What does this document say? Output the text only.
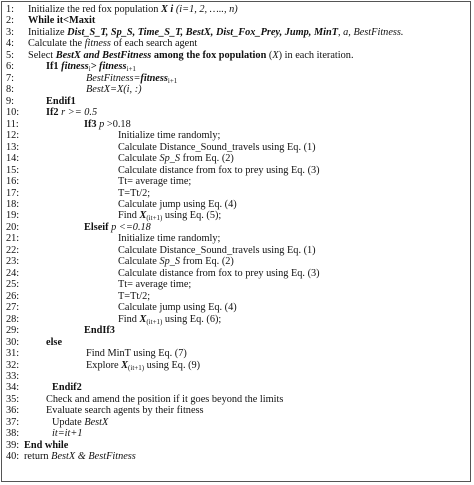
1: Initialize the red fox population X i (i=1, 2, ….., n)
2: While it<Maxit
3: Initialize Dist_S_T, Sp_S, Time_S_T, BestX, Dist_Fox_Prey, Jump, MinT, a, BestFitness.
4: Calculate the fitness of each search agent
5: Select BestX and BestFitness among the fox population (X) in each iteration.
6:	If1 fitness$_i$> fitness$_{i+1}$
7:	BestFitness=fitness$_{i+1}$
8:	BestX=X(i, :)
9:	Endif1
10:	If2 r >= 0.5
11:	If3 p >0.18
12:	Initialize time randomly;
13:	Calculate Distance_Sound_travels using Eq. (1)
14:	Calculate Sp_S from Eq. (2)
15:	Calculate distance from fox to prey using Eq. (3)
16:	Tt= average time;
17:	T=Tt/2;
18:	Calculate jump using Eq. (4)
19:	Find $X_{(it+1)}$ using Eq. (5);
20:	Elseif p <=0.18
21:	Initialize time randomly;
22:	Calculate Distance_Sound_travels using Eq. (1)
23:	Calculate Sp_S from Eq. (2)
24:	Calculate distance from fox to prey using Eq. (3)
25:	Tt= average time;
26:	T=Tt/2;
27:	Calculate jump using Eq. (4)
28:	Find $X_{(it+1)}$ using Eq. (6);
29:	EndIf3
30:	else
31:	Find MinT using Eq. (7)
32:	Explore $X_{(it+1)}$ using Eq. (9)
33:
34:	Endif2
35:	Check and amend the position if it goes beyond the limits
36:	Evaluate search agents by their fitness
37:	Update BestX
38:	it=it+1
39: End while
40: return BestX & BestFitness
